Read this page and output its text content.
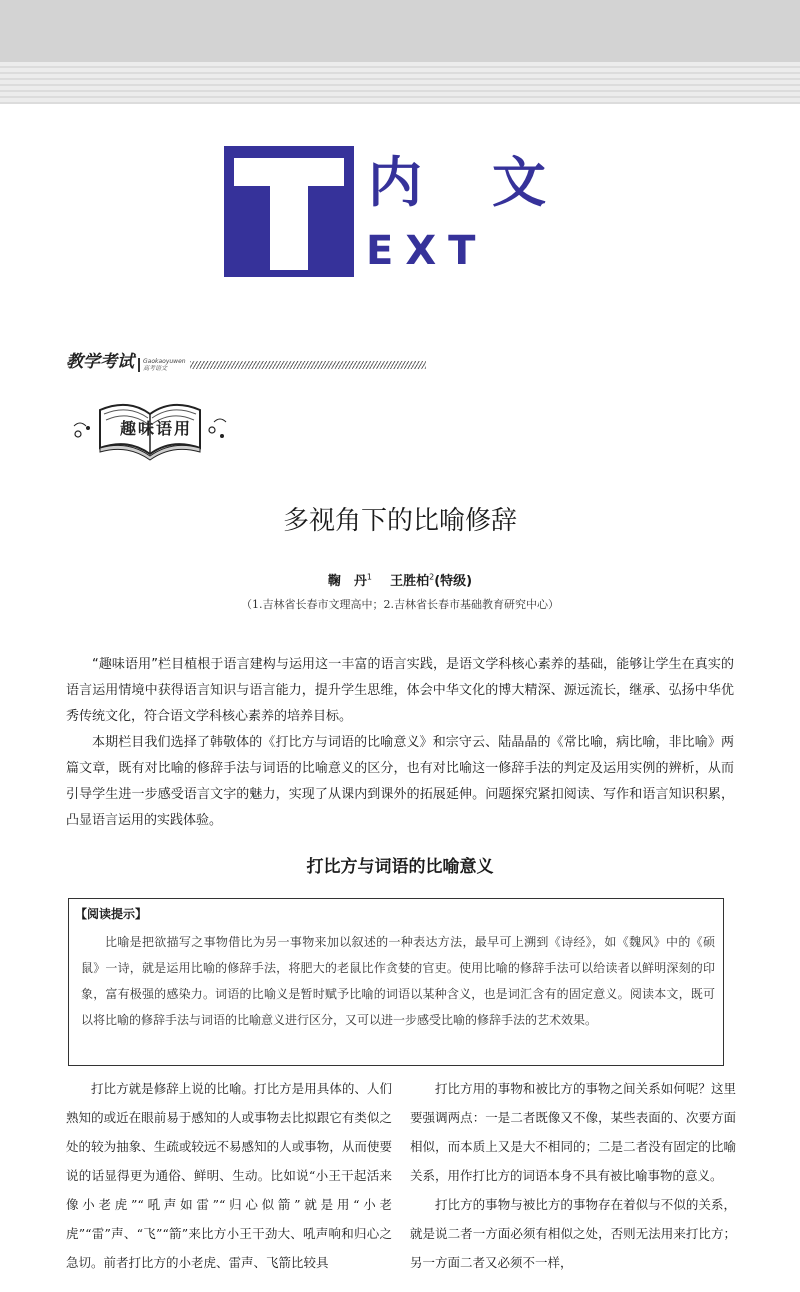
内文
EXT
教学考试	Gaokaoyuwen
高考语文
趣味语用
多视角下的比喻修辞
鞠　丹$^1$ 王胜柏$^2$(特级)
（1.吉林省长春市文理高中；2.吉林省长春市基础教育研究中心）

“趣味语用”栏目植根于语言建构与运用这一丰富的语言实践，是语文学科核心素养的基础，能够让学生在真实的语言运用情境中获得语言知识与语言能力，提升学生思维，体会中华文化的博大精深、源远流长，继承、弘扬中华优秀传统文化，符合语文学科核心素养的培养目标。

本期栏目我们选择了韩敬体的《打比方与词语的比喻意义》和宗守云、陆晶晶的《常比喻，病比喻，非比喻》两篇文章，既有对比喻的修辞手法与词语的比喻意义的区分，也有对比喻这一修辞手法的判定及运用实例的辨析，从而引导学生进一步感受语言文字的魅力，实现了从课内到课外的拓展延伸。问题探究紧扣阅读、写作和语言知识积累，凸显语言运用的实践体验。

打比方与词语的比喻意义
【阅读提示】

比喻是把欲描写之事物借比为另一事物来加以叙述的一种表达方法，最早可上溯到《诗经》，如《魏风》中的《硕鼠》一诗，就是运用比喻的修辞手法，将肥大的老鼠比作贪婪的官吏。使用比喻的修辞手法可以给读者以鲜明深刻的印象，富有极强的感染力。词语的比喻义是暂时赋予比喻的词语以某种含义，也是词汇含有的固定意义。阅读本文，既可以将比喻的修辞手法与词语的比喻意义进行区分，又可以进一步感受比喻的修辞手法的艺术效果。

打比方就是修辞上说的比喻。打比方是用具体的、人们熟知的或近在眼前易于感知的人或事物去比拟跟它有类似之处的较为抽象、生疏或较远不易感知的人或事物，从而使要说的话显得更为通俗、鲜明、生动。比如说“小王干起活来像小老虎”“吼声如雷”“归心似箭”就是用“小老虎”“雷”声、“飞”“箭”来比方小王干劲大、吼声响和归心之急切。前者打比方的小老虎、雷声、飞箭比较具

打比方用的事物和被比方的事物之间关系如何呢？这里要强调两点：一是二者既像又不像，某些表面的、次要方面相似，而本质上又是大不相同的；二是二者没有固定的比喻关系，用作打比方的词语本身不具有被比喻事物的意义。

打比方的事物与被比方的事物存在着似与不似的关系，就是说二者一方面必须有相似之处，否则无法用来打比方；另一方面二者又必须不一样，
